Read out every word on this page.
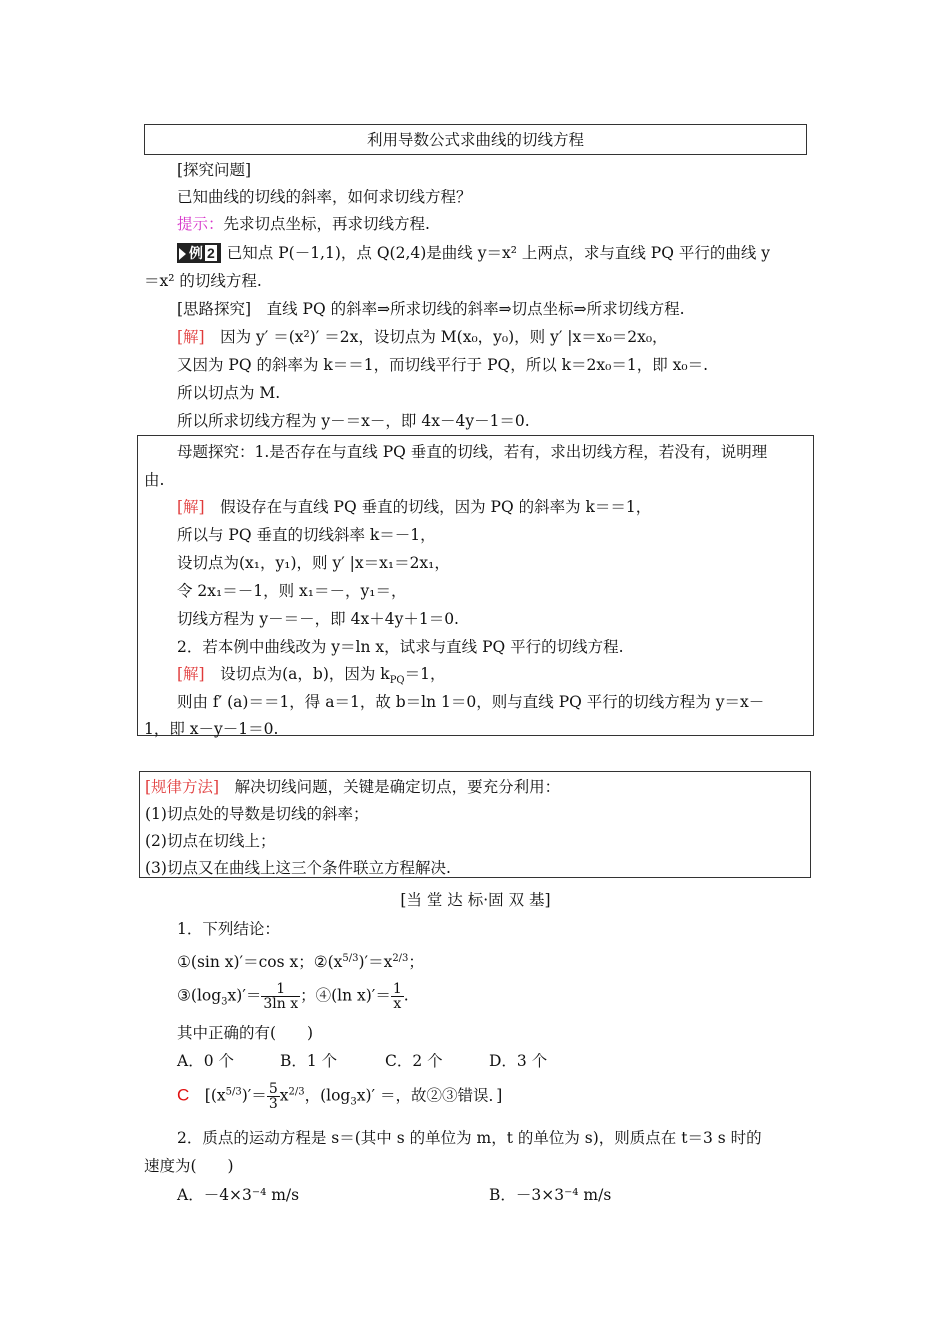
利用导数公式求曲线的切线方程
[探究问题]
已知曲线的切线的斜率，如何求切线方程？
提示：先求切点坐标，再求切线方程.
例 2 已知点 P(－1,1)，点 Q(2,4)是曲线 y＝x² 上两点，求与直线 PQ 平行的曲线 y
＝x² 的切线方程.
[思路探究]　 直线 PQ 的斜率⇒所求切线的斜率⇒切点坐标⇒所求切线方程.
[解]　 因为 y′ ＝(x²)′ ＝2x，设切点为 M(x₀，y₀)，则 y′ |x＝x₀＝2x₀，
又因为 PQ 的斜率为 k＝＝1，而切线平行于 PQ，所以 k＝2x₀＝1，即 x₀＝.
所以切点为 M.
所以所求切线方程为 y－＝x－，即 4x－4y－1＝0.
母题探究：1.是否存在与直线 PQ 垂直的切线，若有，求出切线方程，若没有，说明理
由.
[解]　 假设存在与直线 PQ 垂直的切线，因为 PQ 的斜率为 k＝＝1，
所以与 PQ 垂直的切线斜率 k＝－1，
设切点为(x₁，y₁)，则 y′ |x＝x₁＝2x₁，
令 2x₁＝－1，则 x₁＝－，y₁＝，
切线方程为 y－＝－，即 4x＋4y＋1＝0.
2．若本例中曲线改为 y＝ln x，试求与直线 PQ 平行的切线方程.
[解]　 设切点为(a，b)，因为 $k_{PQ}=1$，
则由 f′ (a)＝＝1，得 a＝1，故 b＝ln 1＝0，则与直线 PQ 平行的切线方程为 y＝x－
1，即 x－y－1＝0.
[规律方法]　 解决切线问题，关键是确定切点，要充分利用：
(1)切点处的导数是切线的斜率；
(2)切点在切线上；
(3)切点又在曲线上这三个条件联立方程解决.
[当 堂 达 标·固 双 基]
1．下列结论：
①(sin x)′＝cos x；$②(x^{5/3})'=x^{2/3}$；
$③(\log_3x)'= \frac{1}{\text{3ln x}}$ ；④(ln $x)'= \frac{1}{x}$ .
其中正确的有(　　)
A．0 个	B．1 个	C．2 个	D．3 个
C　 [$(x^{5/3})'= \frac{5}{3} x^{2/3}$，$(\log_3x)'$ ＝，故②③错误．]
2．质点的运动方程是 s＝(其中 s 的单位为 m，t 的单位为 s)，则质点在 t＝3 s 时的
速度为(　　)
A．－4×3⁻⁴ m/s	B．－3×3⁻⁴ m/s
